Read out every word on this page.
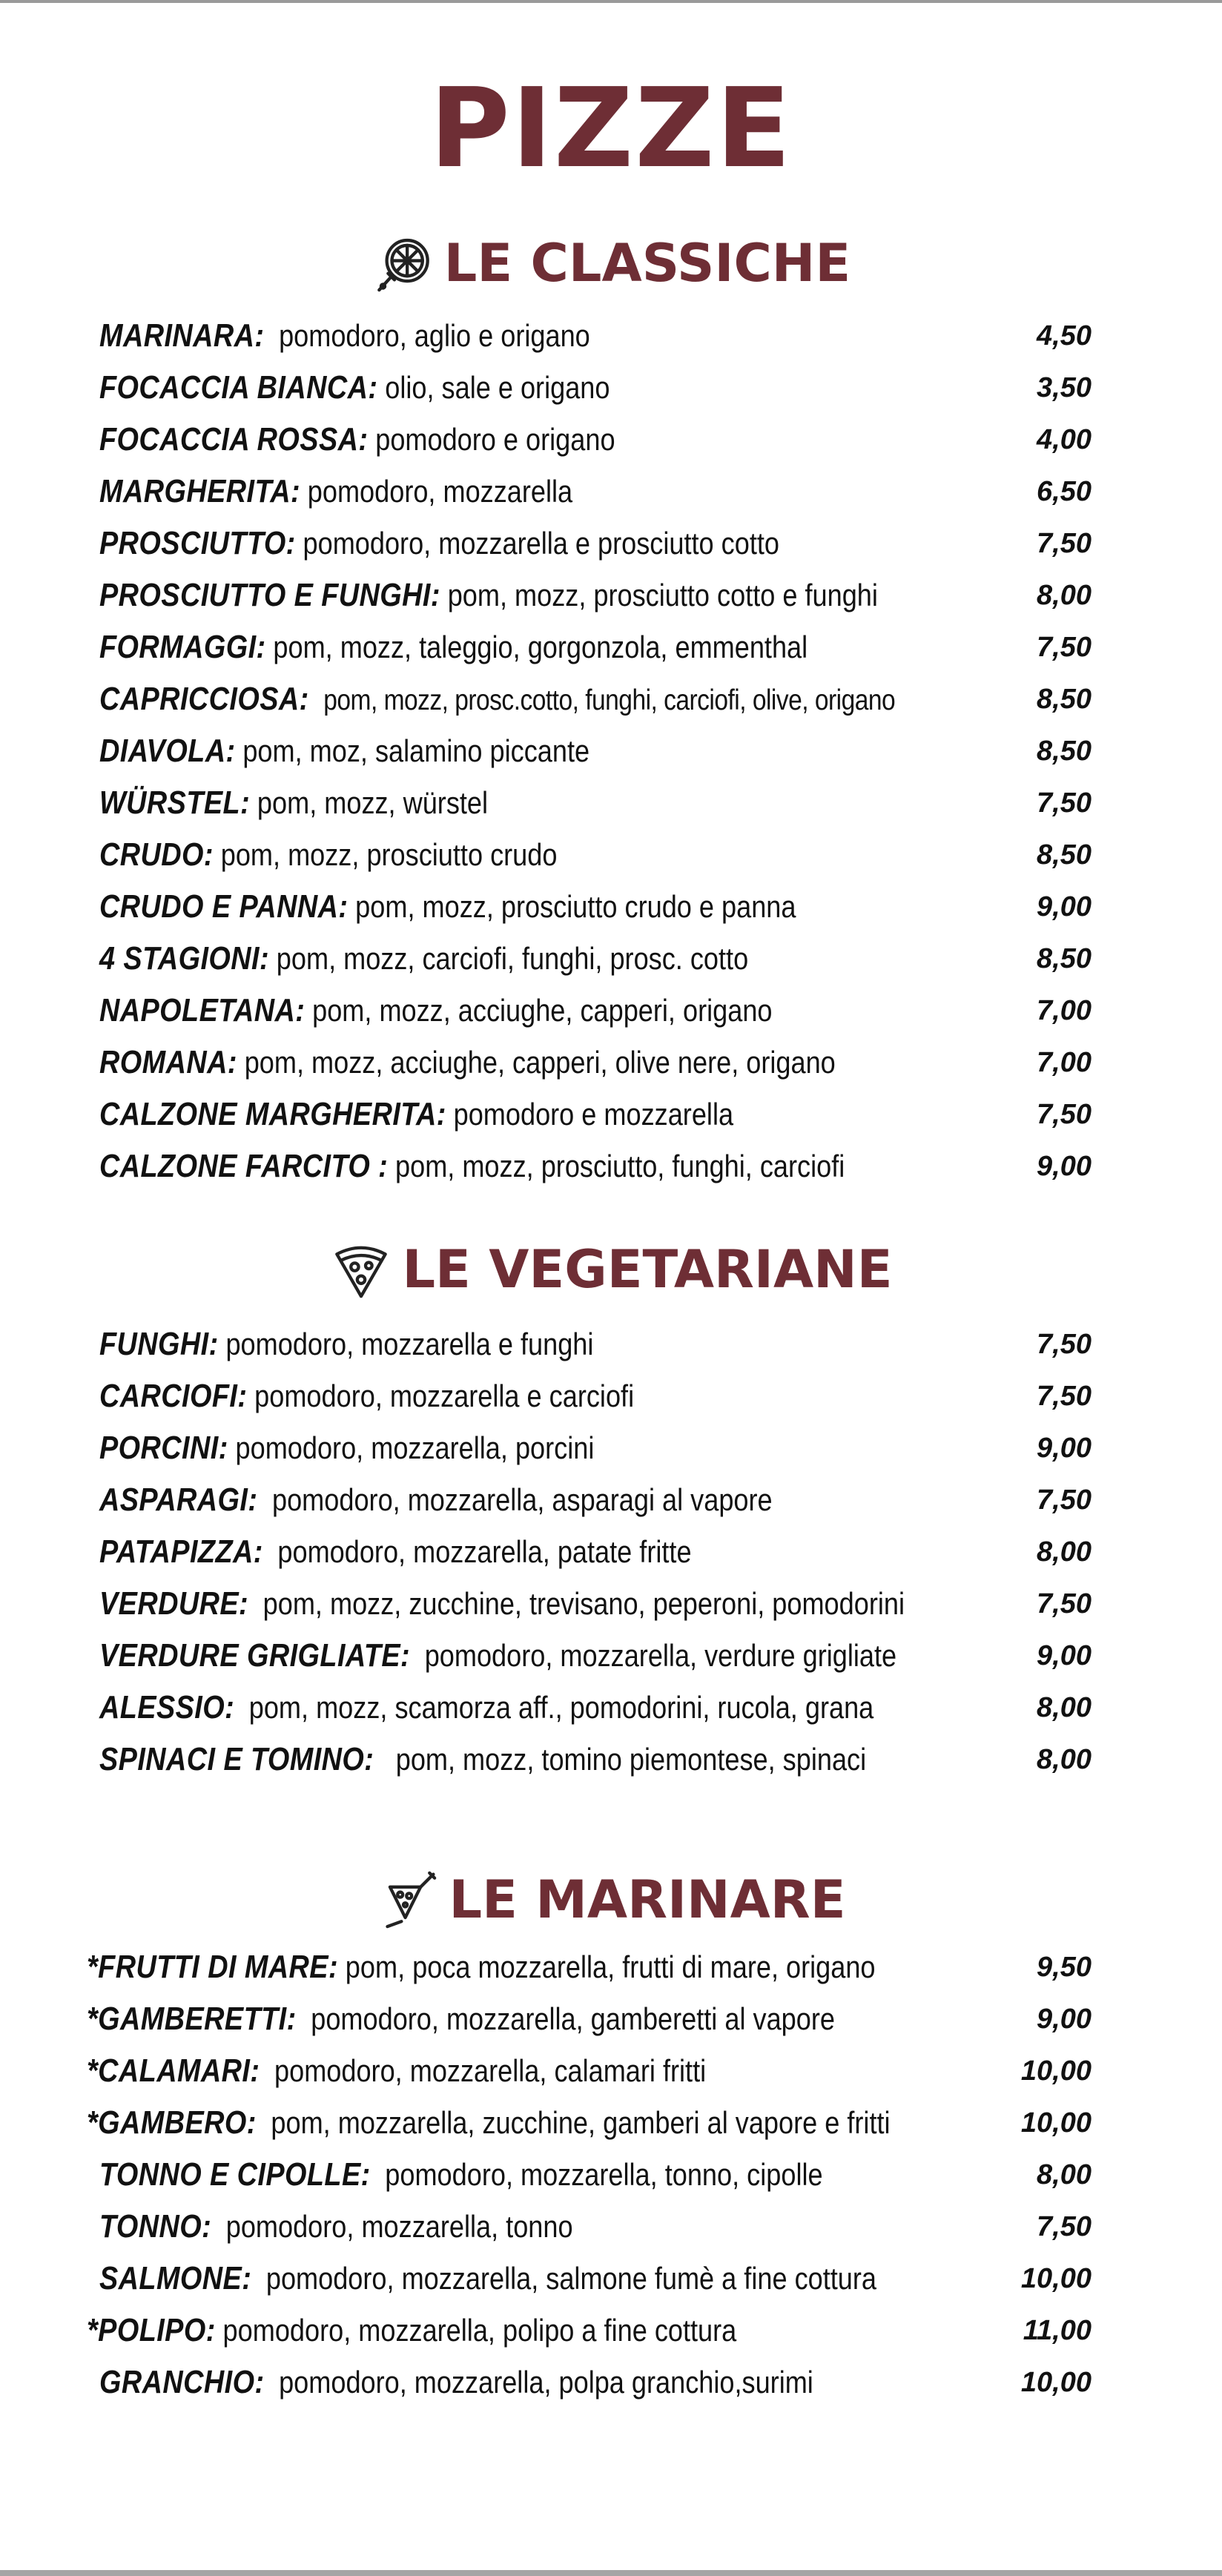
PIZZE
LE CLASSICHE
MARINARA: pomodoro, aglio e origano	4,50
FOCACCIA BIANCA: olio, sale e origano	3,50
FOCACCIA ROSSA: pomodoro e origano	4,00
MARGHERITA: pomodoro, mozzarella	6,50
PROSCIUTTO: pomodoro, mozzarella e prosciutto cotto	7,50
PROSCIUTTO E FUNGHI: pom, mozz, prosciutto cotto e funghi	8,00
FORMAGGI: pom, mozz, taleggio, gorgonzola, emmenthal	7,50
CAPRICCIOSA: pom, mozz, prosc.cotto, funghi, carciofi, olive, origano	8,50
DIAVOLA: pom, moz, salamino piccante	8,50
WÜRSTEL: pom, mozz, würstel	7,50
CRUDO: pom, mozz, prosciutto crudo	8,50
CRUDO E PANNA: pom, mozz, prosciutto crudo e panna	9,00
4 STAGIONI: pom, mozz, carciofi, funghi, prosc. cotto	8,50
NAPOLETANA: pom, mozz, acciughe, capperi, origano	7,00
ROMANA: pom, mozz, acciughe, capperi, olive nere, origano	7,00
CALZONE MARGHERITA: pomodoro e mozzarella	7,50
CALZONE FARCITO : pom, mozz, prosciutto, funghi, carciofi	9,00
LE VEGETARIANE
FUNGHI: pomodoro, mozzarella e funghi	7,50
CARCIOFI: pomodoro, mozzarella e carciofi	7,50
PORCINI: pomodoro, mozzarella, porcini	9,00
ASPARAGI: pomodoro, mozzarella, asparagi al vapore	7,50
PATAPIZZA: pomodoro, mozzarella, patate fritte	8,00
VERDURE: pom, mozz, zucchine, trevisano, peperoni, pomodorini	7,50
VERDURE GRIGLIATE: pomodoro, mozzarella, verdure grigliate	9,00
ALESSIO: pom, mozz, scamorza aff., pomodorini, rucola, grana	8,00
SPINACI E TOMINO: pom, mozz, tomino piemontese, spinaci	8,00
LE MARINARE
*FRUTTI DI MARE: pom, poca mozzarella, frutti di mare, origano	9,50
*GAMBERETTI: pomodoro, mozzarella, gamberetti al vapore	9,00
*CALAMARI: pomodoro, mozzarella, calamari fritti	10,00
*GAMBERO: pom, mozzarella, zucchine, gamberi al vapore e fritti	10,00
TONNO E CIPOLLE: pomodoro, mozzarella, tonno, cipolle	8,00
TONNO: pomodoro, mozzarella, tonno	7,50
SALMONE: pomodoro, mozzarella, salmone fumè a fine cottura	10,00
*POLIPO: pomodoro, mozzarella, polipo a fine cottura	11,00
GRANCHIO: pomodoro, mozzarella, polpa granchio,surimi	10,00
